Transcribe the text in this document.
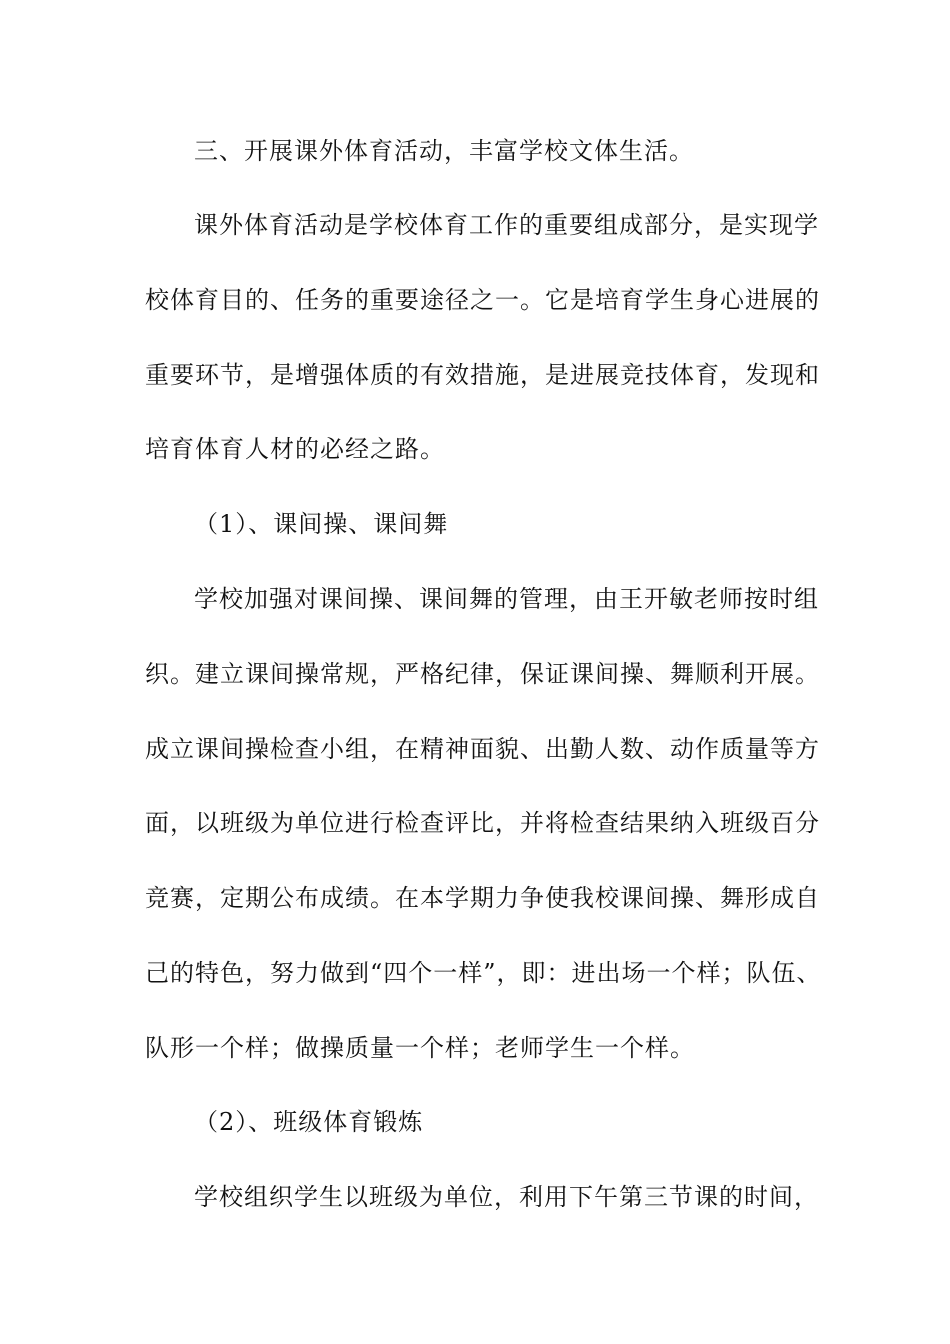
三、开展课外体育活动，丰富学校文体生活。
课外体育活动是学校体育工作的重要组成部分，是实现学
校体育目的、任务的重要途径之一。它是培育学生身心进展的
重要环节，是增强体质的有效措施，是进展竞技体育，发现和
培育体育人材的必经之路。
（1）、课间操、课间舞
学校加强对课间操、课间舞的管理，由王开敏老师按时组
织。建立课间操常规，严格纪律，保证课间操、舞顺利开展。
成立课间操检查小组，在精神面貌、出勤人数、动作质量等方
面，以班级为单位进行检查评比，并将检查结果纳入班级百分
竞赛，定期公布成绩。在本学期力争使我校课间操、舞形成自
己的特色，努力做到“四个一样”，即：进出场一个样；队伍、
队形一个样；做操质量一个样；老师学生一个样。
（2）、班级体育锻炼
学校组织学生以班级为单位，利用下午第三节课的时间，
